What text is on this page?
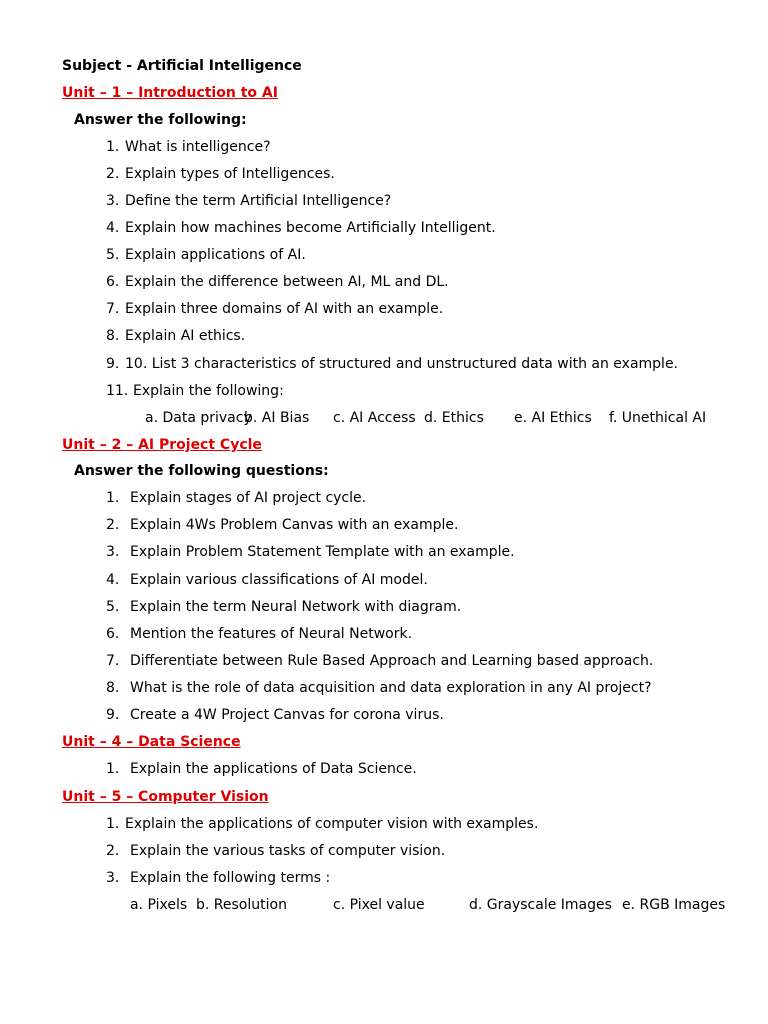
Subject - Artificial Intelligence
Unit – 1 – Introduction to AI
Answer the following:
1. What is intelligence?
2. Explain types of Intelligences.
3. Define the term Artificial Intelligence?
4. Explain how machines become Artificially Intelligent.
5. Explain applications of AI.
6. Explain the difference between AI, ML and DL.
7. Explain three domains of AI with an example.
8. Explain AI ethics.
9. 10. List 3 characteristics of structured and unstructured data with an example.
11. Explain the following:
a. Data privacy
b. AI Bias c. AI Access d. Ethics e. AI Ethics f. Unethical AI
Unit – 2 – AI Project Cycle
Answer the following questions:
1. Explain stages of AI project cycle.
2. Explain 4Ws Problem Canvas with an example.
3. Explain Problem Statement Template with an example.
4. Explain various classifications of AI model.
5. Explain the term Neural Network with diagram.
6. Mention the features of Neural Network.
7. Differentiate between Rule Based Approach and Learning based approach.
8. What is the role of data acquisition and data exploration in any AI project?
9. Create a 4W Project Canvas for corona virus.
Unit – 4 – Data Science
1. Explain the applications of Data Science.
Unit – 5 – Computer Vision
1. Explain the applications of computer vision with examples.
2. Explain the various tasks of computer vision.
3. Explain the following terms :
a. Pixels b. Resolution	c. Pixel value	d. Grayscale Images e. RGB Images
